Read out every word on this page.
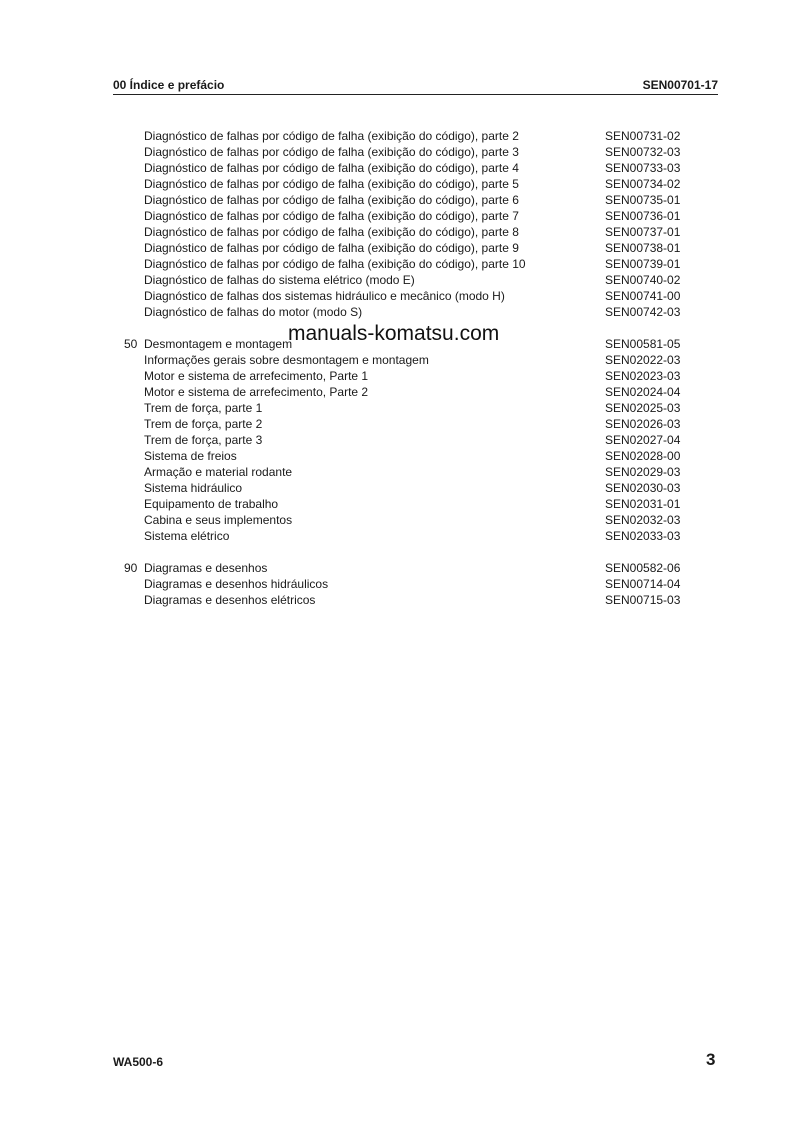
00 Índice e prefácio	SEN00701-17
Diagnóstico de falhas por código de falha (exibição do código), parte 2	SEN00731-02
Diagnóstico de falhas por código de falha (exibição do código), parte 3	SEN00732-03
Diagnóstico de falhas por código de falha (exibição do código), parte 4	SEN00733-03
Diagnóstico de falhas por código de falha (exibição do código), parte 5	SEN00734-02
Diagnóstico de falhas por código de falha (exibição do código), parte 6	SEN00735-01
Diagnóstico de falhas por código de falha (exibição do código), parte 7	SEN00736-01
Diagnóstico de falhas por código de falha (exibição do código), parte 8	SEN00737-01
Diagnóstico de falhas por código de falha (exibição do código), parte 9	SEN00738-01
Diagnóstico de falhas por código de falha (exibição do código), parte 10	SEN00739-01
Diagnóstico de falhas do sistema elétrico (modo E)	SEN00740-02
Diagnóstico de falhas dos sistemas hidráulico e mecânico (modo H)	SEN00741-00
Diagnóstico de falhas do motor (modo S)	SEN00742-03
50 Desmontagem e montagem	SEN00581-05
Informações gerais sobre desmontagem e montagem	SEN02022-03
Motor e sistema de arrefecimento, Parte 1	SEN02023-03
Motor e sistema de arrefecimento, Parte 2	SEN02024-04
Trem de força, parte 1	SEN02025-03
Trem de força, parte 2	SEN02026-03
Trem de força, parte 3	SEN02027-04
Sistema de freios	SEN02028-00
Armação e material rodante	SEN02029-03
Sistema hidráulico	SEN02030-03
Equipamento de trabalho	SEN02031-01
Cabina e seus implementos	SEN02032-03
Sistema elétrico	SEN02033-03
90 Diagramas e desenhos	SEN00582-06
Diagramas e desenhos hidráulicos	SEN00714-04
Diagramas e desenhos elétricos	SEN00715-03
manuals-komatsu.com
WA500-6	3
